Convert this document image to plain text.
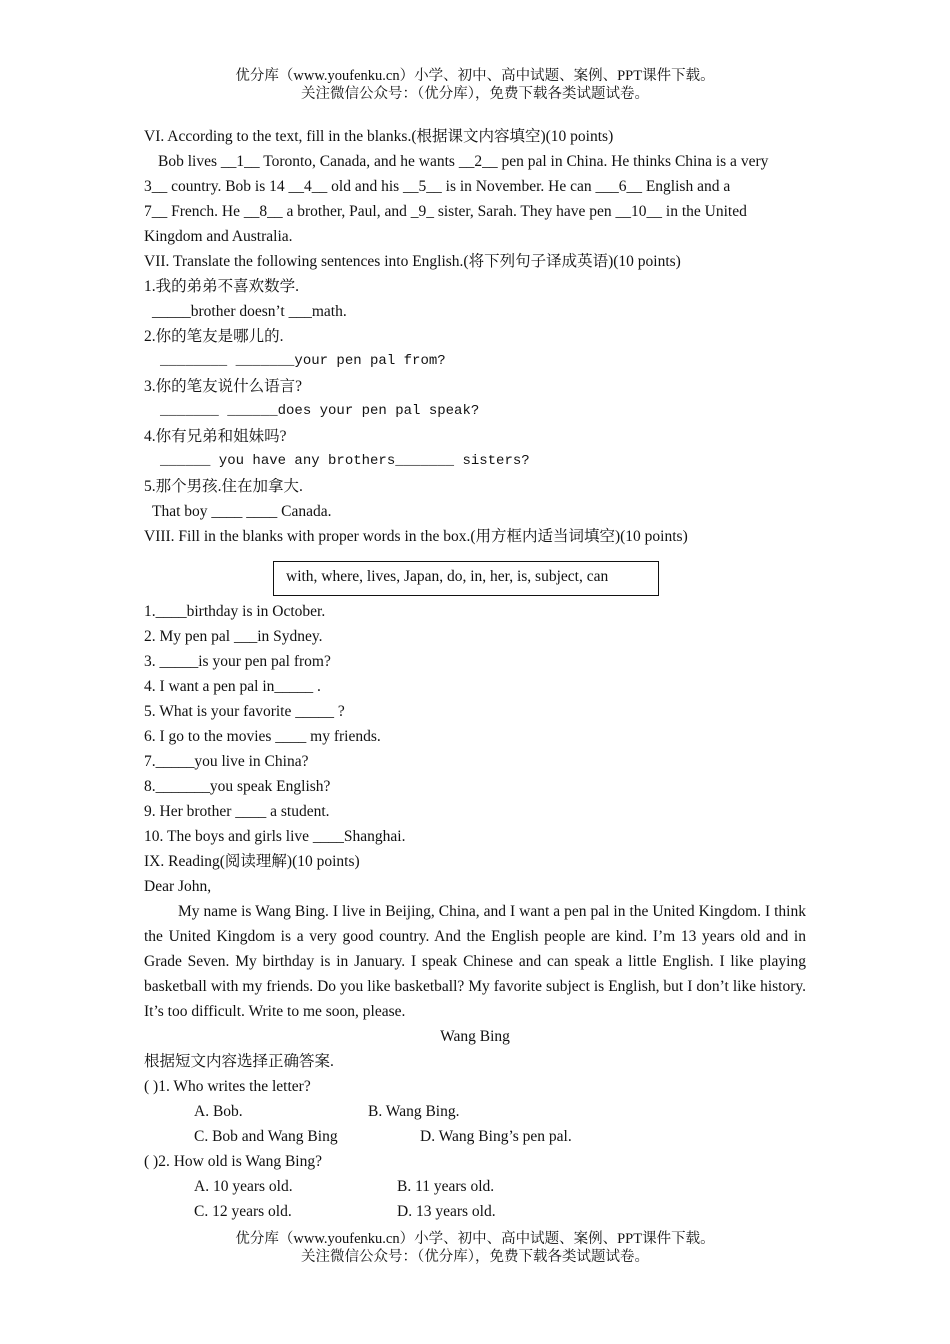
优分库（www.youfenku.cn）小学、初中、高中试题、案例、PPT课件下载。
关注微信公众号：（优分库），免费下载各类试题试卷。
VI. According to the text, fill in the blanks.(根据课文内容填空)(10 points)
Bob lives __1__ Toronto, Canada, and he wants __2__ pen pal in China. He thinks China is a very
3__ country. Bob is 14 __4__ old and his __5__ is in November. He can ___6__ English and a
7__ French. He __8__ a brother, Paul, and _9_ sister, Sarah. They have pen __10__ in the United
Kingdom and Australia.
VII. Translate the following sentences into English.(将下列句子译成英语)(10 points)
1.我的弟弟不喜欢数学.
_____brother doesn’t ___math.
2.你的笔友是哪儿的.
________ _______your pen pal from?
3.你的笔友说什么语言?
_______ ______does your pen pal speak?
4.你有兄弟和姐妹吗?
______ you have any brothers_______ sisters?
5.那个男孩.住在加拿大.
That boy ____ ____ Canada.
VIII. Fill in the blanks with proper words in the box.(用方框内适当词填空)(10 points)
with, where, lives, Japan, do, in, her, is, subject, can
1.____birthday is in October.
2. My pen pal ___in Sydney.
3. _____is your pen pal from?
4. I want a pen pal in_____ .
5. What is your favorite _____ ?
6. I go to the movies ____ my friends.
7._____you live in China?
8._______you speak English?
9. Her brother ____ a student.
10. The boys and girls live ____Shanghai.
IX. Reading(阅读理解)(10 points)
Dear John,
My name is Wang Bing. I live in Beijing, China, and I want a pen pal in the United Kingdom. I think the United Kingdom is a very good country. And the English people are kind. I’m 13 years old and in Grade Seven. My birthday is in January. I speak Chinese and can speak a little English. I like playing basketball with my friends. Do you like basketball? My favorite subject is English, but I don’t like history. It’s too difficult. Write to me soon, please.
Wang Bing
根据短文内容选择正确答案.
( )1. Who writes the letter?
A. Bob.	B. Wang Bing.
C. Bob and Wang Bing	D. Wang Bing’s pen pal.
( )2. How old is Wang Bing?
A. 10 years old.	B. 11 years old.
C. 12 years old.	D. 13 years old.
优分库（www.youfenku.cn）小学、初中、高中试题、案例、PPT课件下载。
关注微信公众号：（优分库），免费下载各类试题试卷。
